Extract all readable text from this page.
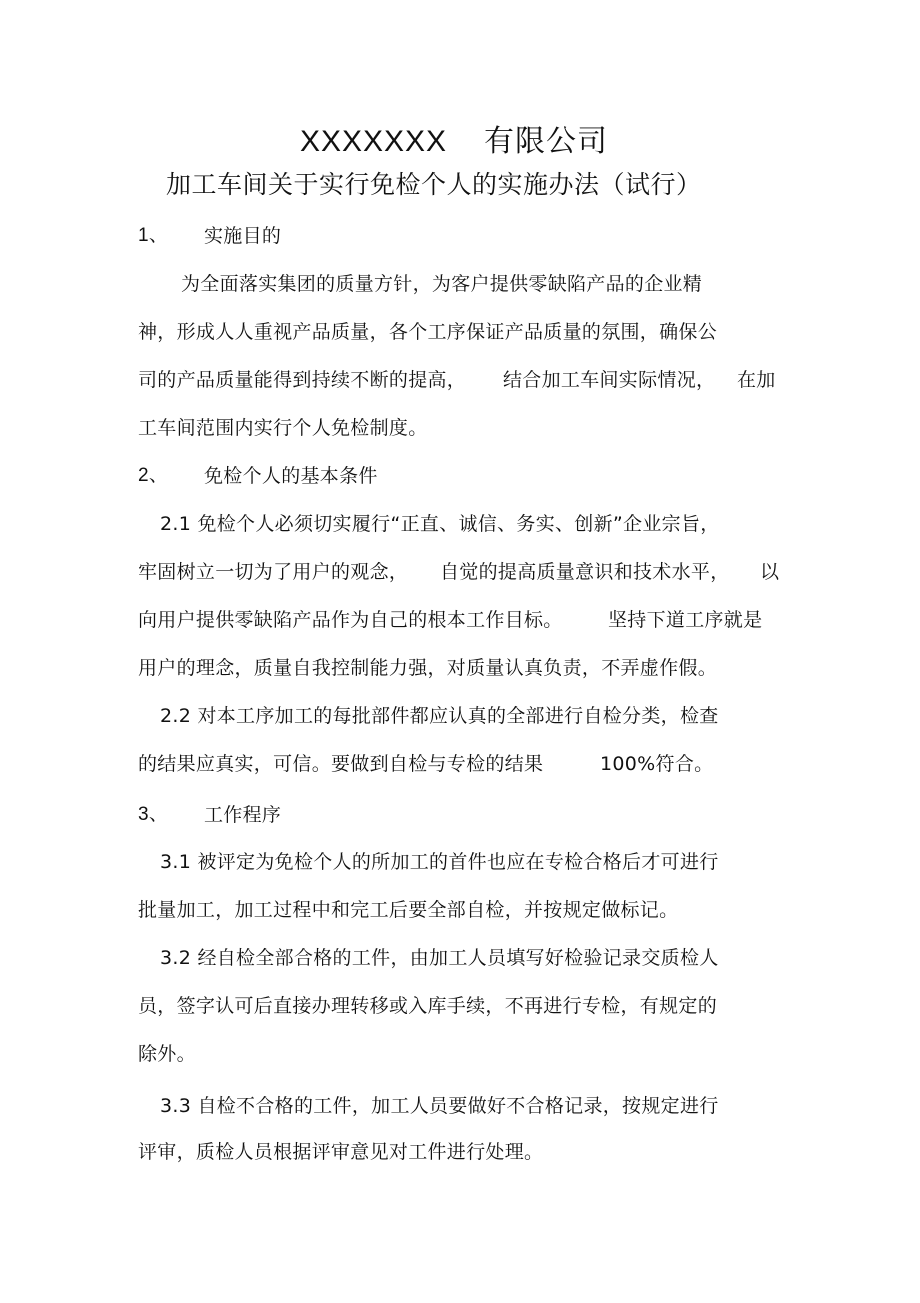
XXXXXXX 有限公司
加工车间关于实行免检个人的实施办法（试行）
1、 实施目的
为全面落实集团的质量方针，为客户提供零缺陷产品的企业精
神，形成人人重视产品质量，各个工序保证产品质量的氛围，确保公
司的产品质量能得到持续不断的提高， 结合加工车间实际情况， 在加
工车间范围内实行个人免检制度。
2、 免检个人的基本条件
2.1 免检个人必须切实履行“正直、诚信、务实、创新”企业宗旨，
牢固树立一切为了用户的观念， 自觉的提高质量意识和技术水平， 以
向用户提供零缺陷产品作为自己的根本工作目标。 坚持下道工序就是
用户的理念，质量自我控制能力强，对质量认真负责，不弄虚作假。
2.2 对本工序加工的每批部件都应认真的全部进行自检分类，检查
的结果应真实，可信。要做到自检与专检的结果	100%符合。
3、 工作程序
3.1 被评定为免检个人的所加工的首件也应在专检合格后才可进行
批量加工，加工过程中和完工后要全部自检，并按规定做标记。
3.2 经自检全部合格的工件，由加工人员填写好检验记录交质检人
员，签字认可后直接办理转移或入库手续，不再进行专检，有规定的
除外。
3.3 自检不合格的工件，加工人员要做好不合格记录，按规定进行
评审，质检人员根据评审意见对工件进行处理。
